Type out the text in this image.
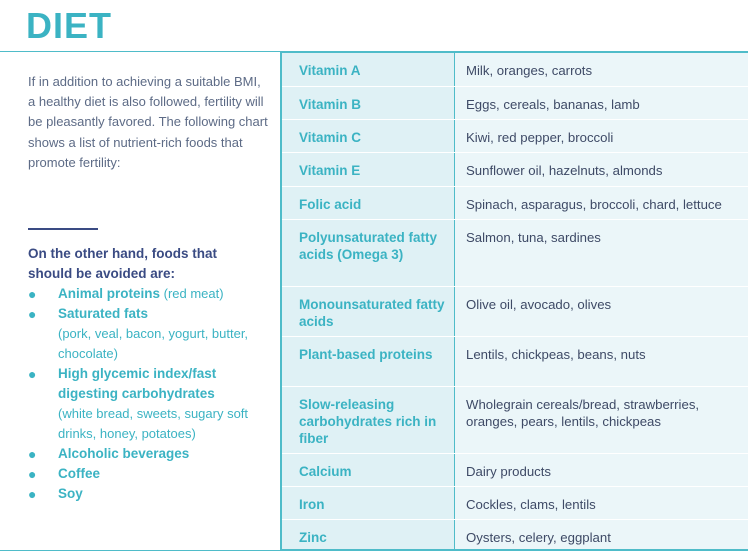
DIET

If in addition to achieving a suitable BMI, a healthy diet is also followed, fertility will be pleasantly favored. The following chart shows a list of nutrient-rich foods that promote fertility:

On the other hand, foods that should be avoided are:

● Animal proteins (red meat)
● Saturated fats
(pork, veal, bacon, yogurt, butter, chocolate)
● High glycemic index/fast digesting carbohydrates
(white bread, sweets, sugary soft drinks, honey, potatoes)
● Alcoholic beverages
● Coffee
● Soy
Vitamin A	Milk, oranges, carrots

Vitamin B	Eggs, cereals, bananas, lamb

Vitamin C	Kiwi, red pepper, broccoli

Vitamin E	Sunflower oil, hazelnuts, almonds

Folic acid	Spinach, asparagus, broccoli, chard, lettuce

Polyunsaturated fatty acids (Omega 3)	Salmon, tuna, sardines

Monounsaturated fatty acids	Olive oil, avocado, olives

Plant-based proteins	Lentils, chickpeas, beans, nuts

Slow-releasing carbohydrates rich in fiber	Wholegrain cereals/bread, strawberries, oranges, pears, lentils, chickpeas

Calcium	Dairy products

Iron	Cockles, clams, lentils

Zinc	Oysters, celery, eggplant
